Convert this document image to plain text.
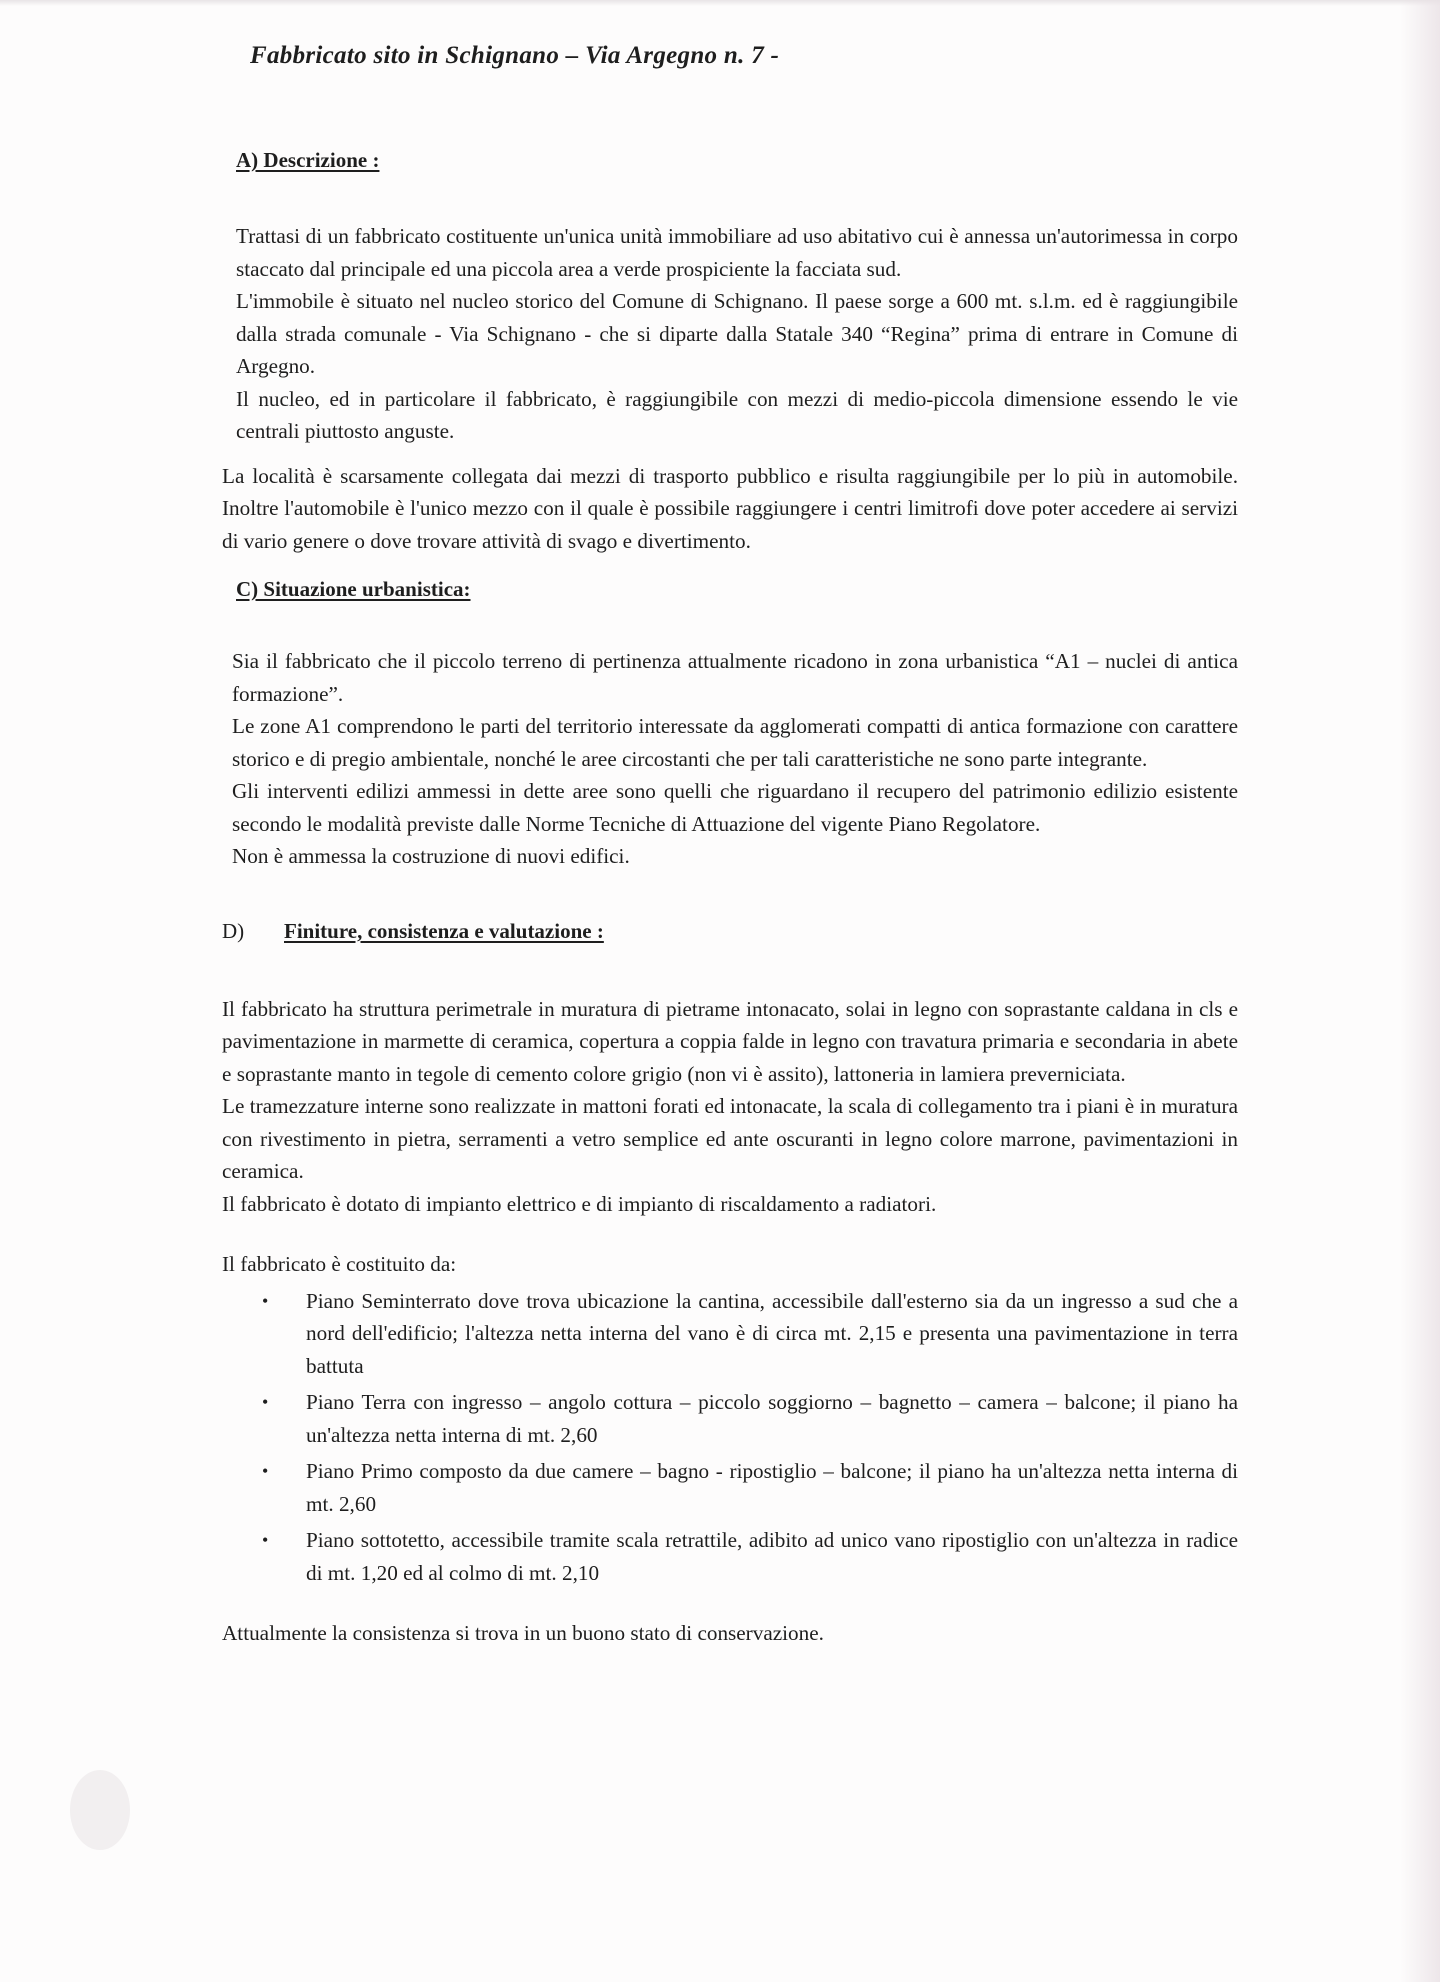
Fabbricato sito in Schignano – Via Argegno n. 7 -
A) Descrizione :

Trattasi di un fabbricato costituente un'unica unità immobiliare ad uso abitativo cui è annessa un'autorimessa in corpo staccato dal principale ed una piccola area a verde prospiciente la facciata sud.

L'immobile è situato nel nucleo storico del Comune di Schignano. Il paese sorge a 600 mt. s.l.m. ed è raggiungibile dalla strada comunale - Via Schignano - che si diparte dalla Statale 340 “Regina” prima di entrare in Comune di Argegno.

Il nucleo, ed in particolare il fabbricato, è raggiungibile con mezzi di medio-piccola dimensione essendo le vie centrali piuttosto anguste.

La località è scarsamente collegata dai mezzi di trasporto pubblico e risulta raggiungibile per lo più in automobile. Inoltre l'automobile è l'unico mezzo con il quale è possibile raggiungere i centri limitrofi dove poter accedere ai servizi di vario genere o dove trovare attività di svago e divertimento.

C) Situazione urbanistica:

Sia il fabbricato che il piccolo terreno di pertinenza attualmente ricadono in zona urbanistica “A1 – nuclei di antica formazione”.

Le zone A1 comprendono le parti del territorio interessate da agglomerati compatti di antica formazione con carattere storico e di pregio ambientale, nonché le aree circostanti che per tali caratteristiche ne sono parte integrante.

Gli interventi edilizi ammessi in dette aree sono quelli che riguardano il recupero del patrimonio edilizio esistente secondo le modalità previste dalle Norme Tecniche di Attuazione del vigente Piano Regolatore.

Non è ammessa la costruzione di nuovi edifici.

D) Finiture, consistenza e valutazione :

Il fabbricato ha struttura perimetrale in muratura di pietrame intonacato, solai in legno con soprastante caldana in cls e pavimentazione in marmette di ceramica, copertura a coppia falde in legno con travatura primaria e secondaria in abete e soprastante manto in tegole di cemento colore grigio (non vi è assito), lattoneria in lamiera preverniciata.

Le tramezzature interne sono realizzate in mattoni forati ed intonacate, la scala di collegamento tra i piani è in muratura con rivestimento in pietra, serramenti a vetro semplice ed ante oscuranti in legno colore marrone, pavimentazioni in ceramica.

Il fabbricato è dotato di impianto elettrico e di impianto di riscaldamento a radiatori.

Il fabbricato è costituito da:

• Piano Seminterrato dove trova ubicazione la cantina, accessibile dall'esterno sia da un ingresso a sud che a nord dell'edificio; l'altezza netta interna del vano è di circa mt. 2,15 e presenta una pavimentazione in terra battuta
• Piano Terra con ingresso – angolo cottura – piccolo soggiorno – bagnetto – camera – balcone; il piano ha un'altezza netta interna di mt. 2,60
• Piano Primo composto da due camere – bagno - ripostiglio – balcone; il piano ha un'altezza netta interna di mt. 2,60
• Piano sottotetto, accessibile tramite scala retrattile, adibito ad unico vano ripostiglio con un'altezza in radice di mt. 1,20 ed al colmo di mt. 2,10

Attualmente la consistenza si trova in un buono stato di conservazione.
